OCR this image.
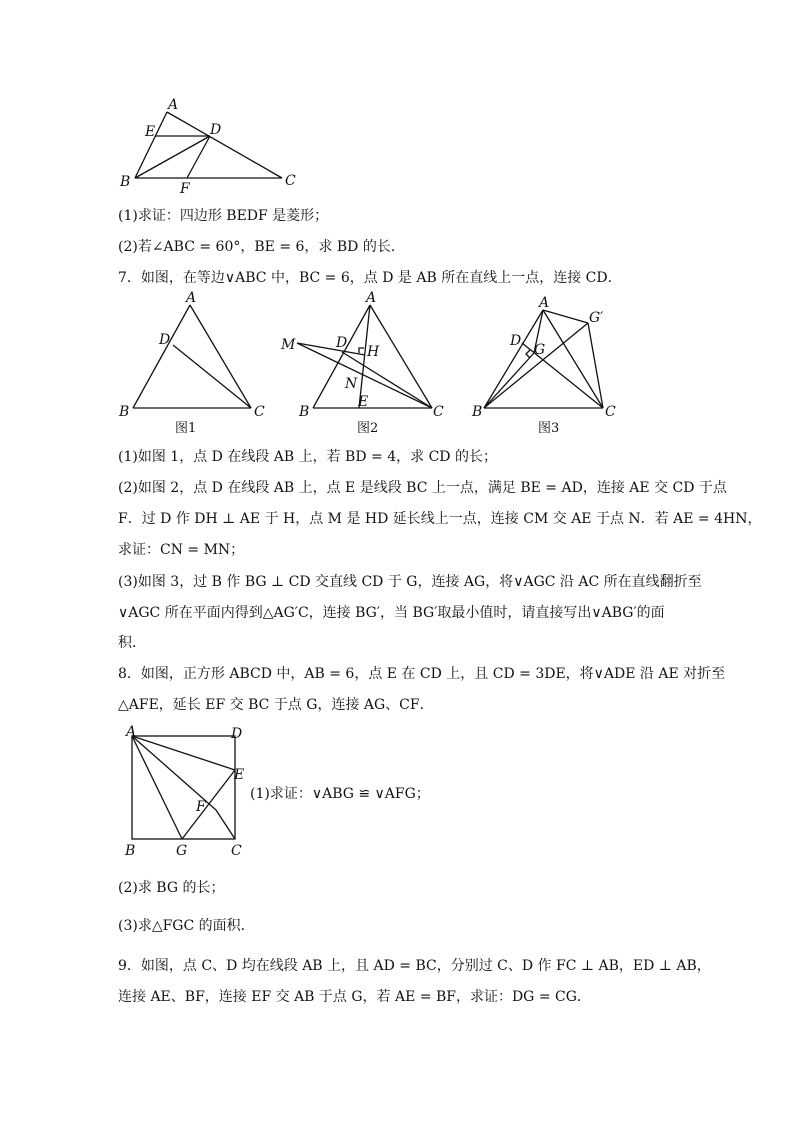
A
E	D
B	F	C
(1)求证：四边形 BEDF 是菱形；
(2)若∠ABC = 60°，BE = 6，求 BD 的长．
7．如图，在等边∨ABC 中，BC = 6，点 D 是 AB 所在直线上一点，连接 CD．
A
D
B	C
图1
A
M	D
H
N
B
E
C
图2
A
G′
D
G
B	C
图3
(1)如图 1，点 D 在线段 AB 上，若 BD = 4，求 CD 的长；
(2)如图 2，点 D 在线段 AB 上，点 E 是线段 BC 上一点，满足 BE = AD，连接 AE 交 CD 于点
F．过 D 作 DH ⊥ AE 于 H，点 M 是 HD 延长线上一点，连接 CM 交 AE 于点 N．若 AE = 4HN，
求证：CN = MN；
(3)如图 3，过 B 作 BG ⊥ CD 交直线 CD 于 G，连接 AG，将∨AGC 沿 AC 所在直线翻折至
∨AGC 所在平面内得到△AG′C，连接 BG′，当 BG′取最小值时，请直接写出∨ABG′的面
积．
8．如图，正方形 ABCD 中，AB = 6，点 E 在 CD 上，且 CD = 3DE，将∨ADE 沿 AE 对折至
△AFE，延长 EF 交 BC 于点 G，连接 AG、CF．
A	D
E
F
B	G	C
(1)求证：∨ABG ≌ ∨AFG；
(2)求 BG 的长；
(3)求△FGC 的面积．
9．如图，点 C、D 均在线段 AB 上，且 AD = BC，分别过 C、D 作 FC ⊥ AB，ED ⊥ AB，
连接 AE、BF，连接 EF 交 AB 于点 G，若 AE = BF，求证：DG = CG．
